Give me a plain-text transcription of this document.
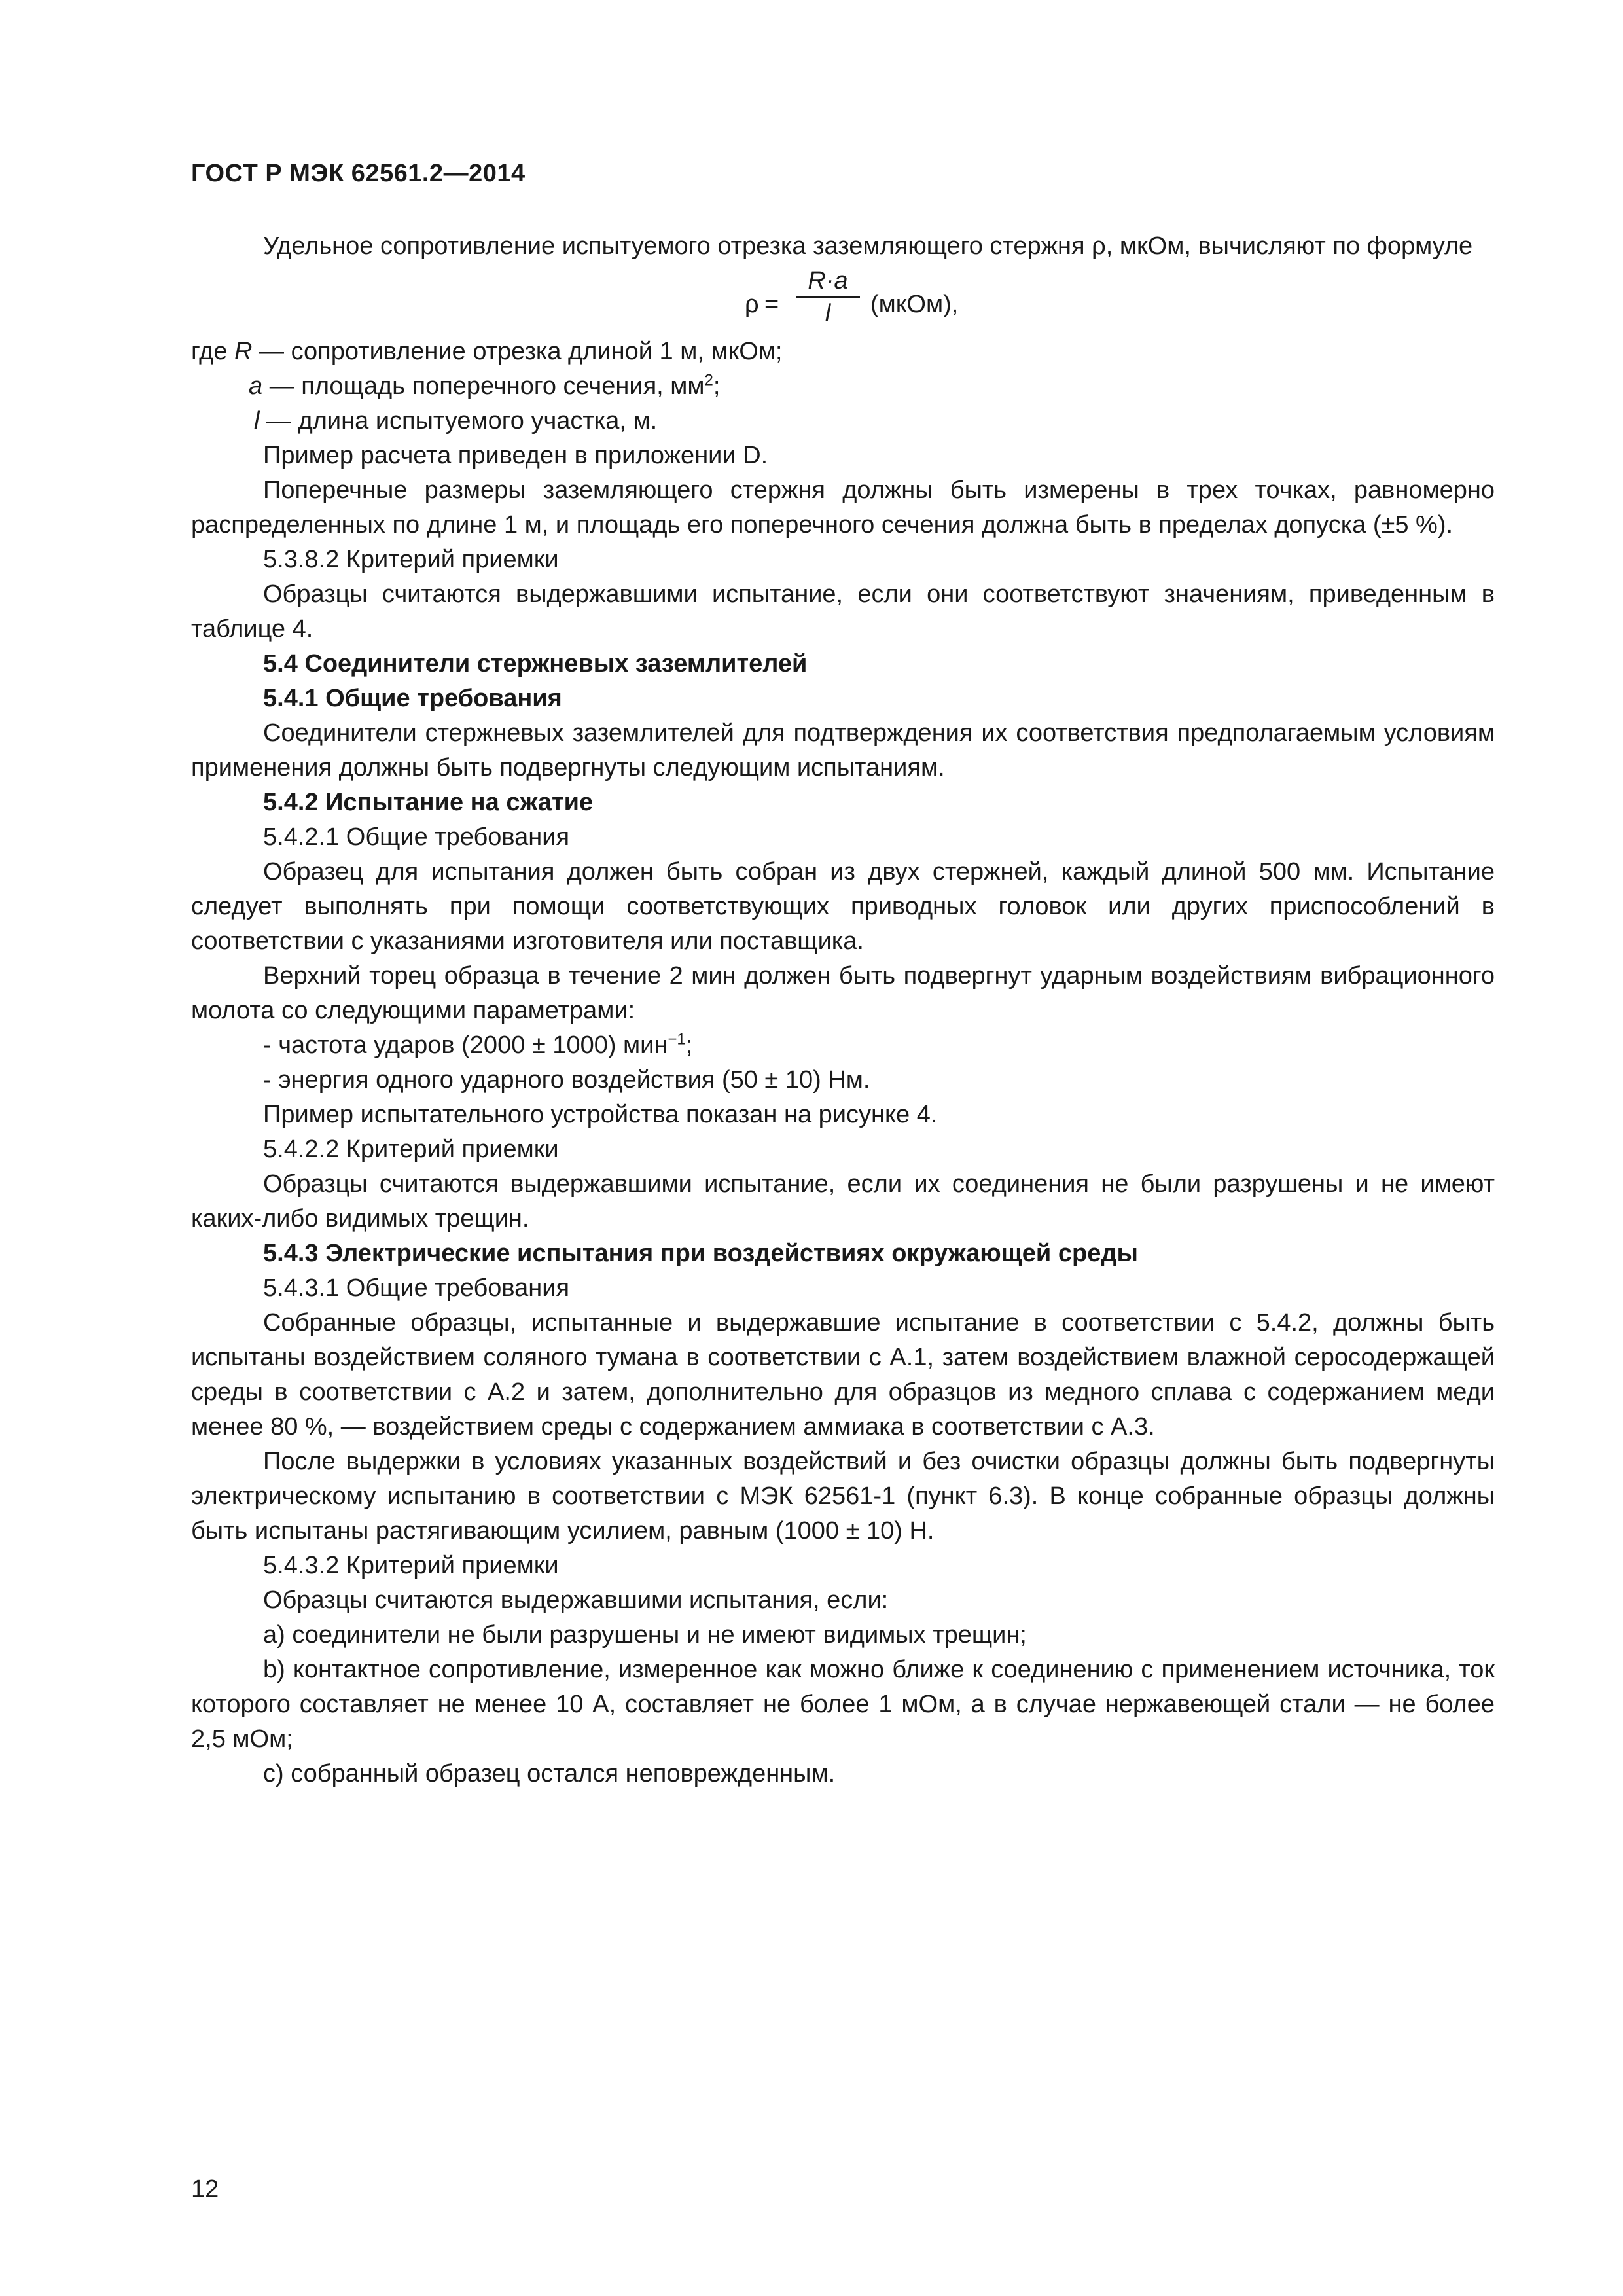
ГОСТ Р МЭК 62561.2—2014

Удельное сопротивление испытуемого отрезка заземляющего стержня ρ, мкОм, вычисляют по формуле

ρ =
R·a
l	(мкОм),

где R — сопротивление отрезка длиной 1 м, мкОм;

a — площадь поперечного сечения, $мм^2$;

l — длина испытуемого участка, м.

Пример расчета приведен в приложении D.

Поперечные размеры заземляющего стержня должны быть измерены в трех точках, равномерно распределенных по длине 1 м, и площадь его поперечного сечения должна быть в пределах допуска (±5 %).

5.3.8.2 Критерий приемки

Образцы считаются выдержавшими испытание, если они соответствуют значениям, приведенным в таблице 4.

5.4 Соединители стержневых заземлителей

5.4.1 Общие требования

Соединители стержневых заземлителей для подтверждения их соответствия предполагаемым условиям применения должны быть подвергнуты следующим испытаниям.

5.4.2 Испытание на сжатие

5.4.2.1 Общие требования

Образец для испытания должен быть собран из двух стержней, каждый длиной 500 мм. Испытание следует выполнять при помощи соответствующих приводных головок или других приспособлений в соответствии с указаниями изготовителя или поставщика.

Верхний торец образца в течение 2 мин должен быть подвергнут ударным воздействиям вибрационного молота со следующими параметрами:

- частота ударов (2000 ± 1000) мин$^{-1}$;

- энергия одного ударного воздействия (50 ± 10) Нм.

Пример испытательного устройства показан на рисунке 4.

5.4.2.2 Критерий приемки

Образцы считаются выдержавшими испытание, если их соединения не были разрушены и не имеют каких-либо видимых трещин.

5.4.3 Электрические испытания при воздействиях окружающей среды

5.4.3.1 Общие требования

Собранные образцы, испытанные и выдержавшие испытание в соответствии с 5.4.2, должны быть испытаны воздействием соляного тумана в соответствии с А.1, затем воздействием влажной серосодержащей среды в соответствии с А.2 и затем, дополнительно для образцов из медного сплава с содержанием меди менее 80 %, — воздействием среды с содержанием аммиака в соответствии с А.3.

После выдержки в условиях указанных воздействий и без очистки образцы должны быть подвергнуты электрическому испытанию в соответствии с МЭК 62561-1 (пункт 6.3). В конце собранные образцы должны быть испытаны растягивающим усилием, равным (1000 ± 10) Н.

5.4.3.2 Критерий приемки

Образцы считаются выдержавшими испытания, если:

a) соединители не были разрушены и не имеют видимых трещин;

b) контактное сопротивление, измеренное как можно ближе к соединению с применением источника, ток которого составляет не менее 10 А, составляет не более 1 мОм, а в случае нержавеющей стали — не более 2,5 мОм;

c) собранный образец остался неповрежденным.

12
